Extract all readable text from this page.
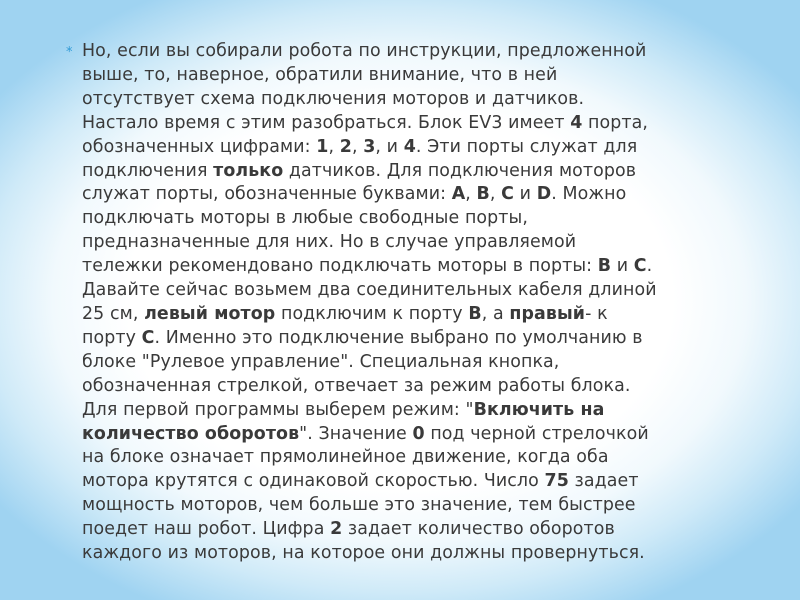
* Но, если вы собирали робота по инструкции, предложенной
выше, то, наверное, обратили внимание, что в ней
отсутствует схема подключения моторов и датчиков.
Настало время с этим разобраться. Блок EV3 имеет 4 порта,
обозначенных цифрами: 1, 2, 3, и 4. Эти порты служат для
подключения только датчиков. Для подключения моторов
служат порты, обозначенные буквами: A, B, C и D. Можно
подключать моторы в любые свободные порты,
предназначенные для них. Но в случае управляемой
тележки рекомендовано подключать моторы в порты: B и C.
Давайте сейчас возьмем два соединительных кабеля длиной
25 см, левый мотор подключим к порту B, а правый- к
порту C. Именно это подключение выбрано по умолчанию в
блоке "Рулевое управление". Специальная кнопка,
обозначенная стрелкой, отвечает за режим работы блока.
Для первой программы выберем режим: "Включить на
количество оборотов". Значение 0 под черной стрелочкой
на блоке означает прямолинейное движение, когда оба
мотора крутятся с одинаковой скоростью. Число 75 задает
мощность моторов, чем больше это значение, тем быстрее
поедет наш робот. Цифра 2 задает количество оборотов
каждого из моторов, на которое они должны провернуться.
